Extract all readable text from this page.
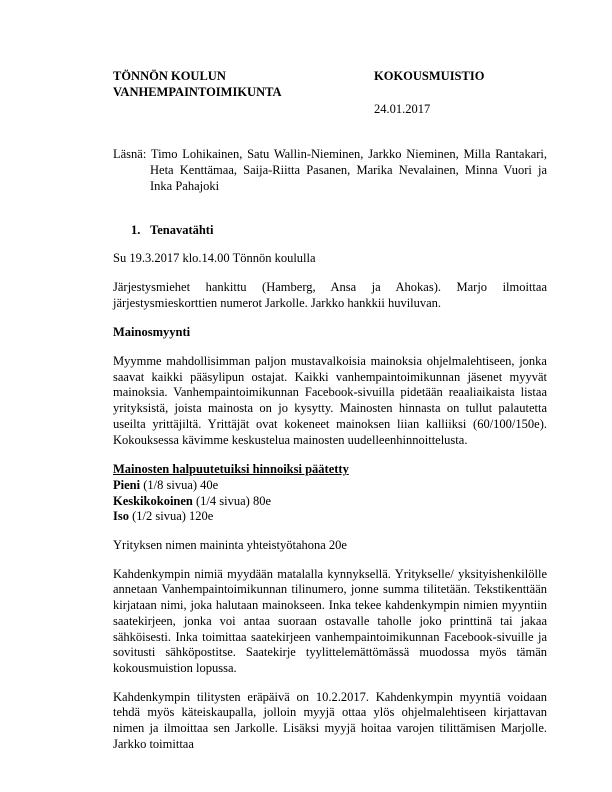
TÖNNÖN KOULUN
VANHEMPAINTOIMIKUNTA
KOKOUSMUISTIO
24.01.2017

Läsnä: Timo Lohikainen, Satu Wallin-Nieminen, Jarkko Nieminen, Milla Rantakari, Heta Kenttämaa, Saija-Riitta Pasanen, Marika Nevalainen, Minna Vuori ja Inka Pahajoki

1. Tenavatähti

Su 19.3.2017 klo.14.00 Tönnön koululla

Järjestysmiehet hankittu (Hamberg, Ansa ja Ahokas). Marjo ilmoittaa järjestysmieskorttien numerot Jarkolle. Jarkko hankkii huviluvan.

Mainosmyynti

Myymme mahdollisimman paljon mustavalkoisia mainoksia ohjelmalehtiseen, jonka saavat kaikki pääsylipun ostajat. Kaikki vanhempaintoimikunnan jäsenet myyvät mainoksia. Vanhempaintoimikunnan Facebook-sivuilla pidetään reaaliaikaista listaa yrityksistä, joista mainosta on jo kysytty. Mainosten hinnasta on tullut palautetta useilta yrittäjiltä. Yrittäjät ovat kokeneet mainoksen liian kalliiksi (60/100/150e). Kokouksessa kävimme keskustelua mainosten uudelleenhinnoittelusta.

Mainosten halpuutetuiksi hinnoiksi päätetty
Pieni (1/8 sivua) 40e
Keskikokoinen (1/4 sivua) 80e
Iso (1/2 sivua) 120e

Yrityksen nimen maininta yhteistyötahona 20e

Kahdenkympin nimiä myydään matalalla kynnyksellä. Yritykselle/ yksityishenkilölle annetaan Vanhempaintoimikunnan tilinumero, jonne summa tilitetään. Tekstikenttään kirjataan nimi, joka halutaan mainokseen. Inka tekee kahdenkympin nimien myyntiin saatekirjeen, jonka voi antaa suoraan ostavalle taholle joko printtinä tai jakaa sähköisesti. Inka toimittaa saatekirjeen vanhempaintoimikunnan Facebook-sivuille ja sovitusti sähköpostitse. Saatekirje tyylittelemättömässä muodossa myös tämän kokousmuistion lopussa.

Kahdenkympin tilitysten eräpäivä on 10.2.2017. Kahdenkympin myyntiä voidaan tehdä myös käteiskaupalla, jolloin myyjä ottaa ylös ohjelmalehtiseen kirjattavan nimen ja ilmoittaa sen Jarkolle. Lisäksi myyjä hoitaa varojen tilittämisen Marjolle. Jarkko toimittaa
